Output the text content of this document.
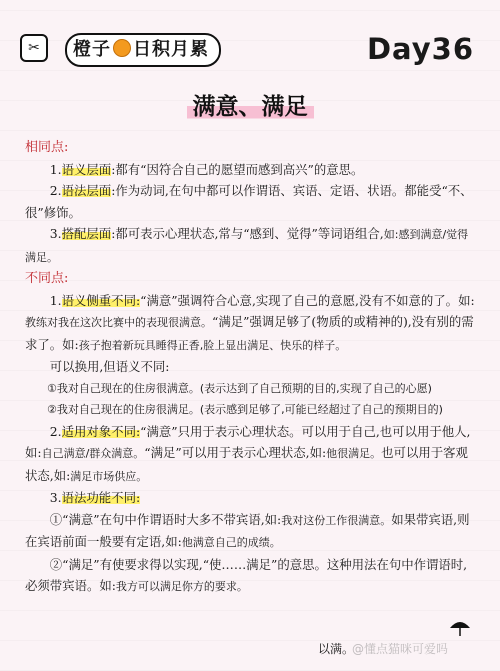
✂	橙子 日积月累	Day36
满意、满足

相同点:

1.语义层面:都有“因符合自己的愿望而感到高兴”的意思。

2.语法层面:作为动词,在句中都可以作谓语、宾语、定语、状语。都能受“不、很”修饰。

3.搭配层面:都可表示心理状态,常与“感到、觉得”等词语组合,如:感到满意/觉得满足。

不同点:

1.语义侧重不同:“满意”强调符合心意,实现了自己的意愿,没有不如意的了。如:教练对我在这次比赛中的表现很满意。“满足”强调足够了(物质的或精神的),没有别的需求了。如:孩子抱着新玩具睡得正香,脸上显出满足、快乐的样子。

可以换用,但语义不同:

①我对自己现在的住房很满意。(表示达到了自己预期的目的,实现了自己的心愿)

②我对自己现在的住房很满足。(表示感到足够了,可能已经超过了自己的预期目的)

2.适用对象不同:“满意”只用于表示心理状态。可以用于自己,也可以用于他人,如:自己满意/群众满意。“满足”可以用于表示心理状态,如:他很满足。也可以用于客观状态,如:满足市场供应。

3.语法功能不同:

①“满意”在句中作谓语时大多不带宾语,如:我对这份工作很满意。如果带宾语,则在宾语前面一般要有定语,如:他满意自己的成绩。

②“满足”有使要求得以实现,“使……满足”的意思。这种用法在句中作谓语时,必须带宾语。如:我方可以满足你方的要求。

以满。
@懂点猫咪可爱吗
